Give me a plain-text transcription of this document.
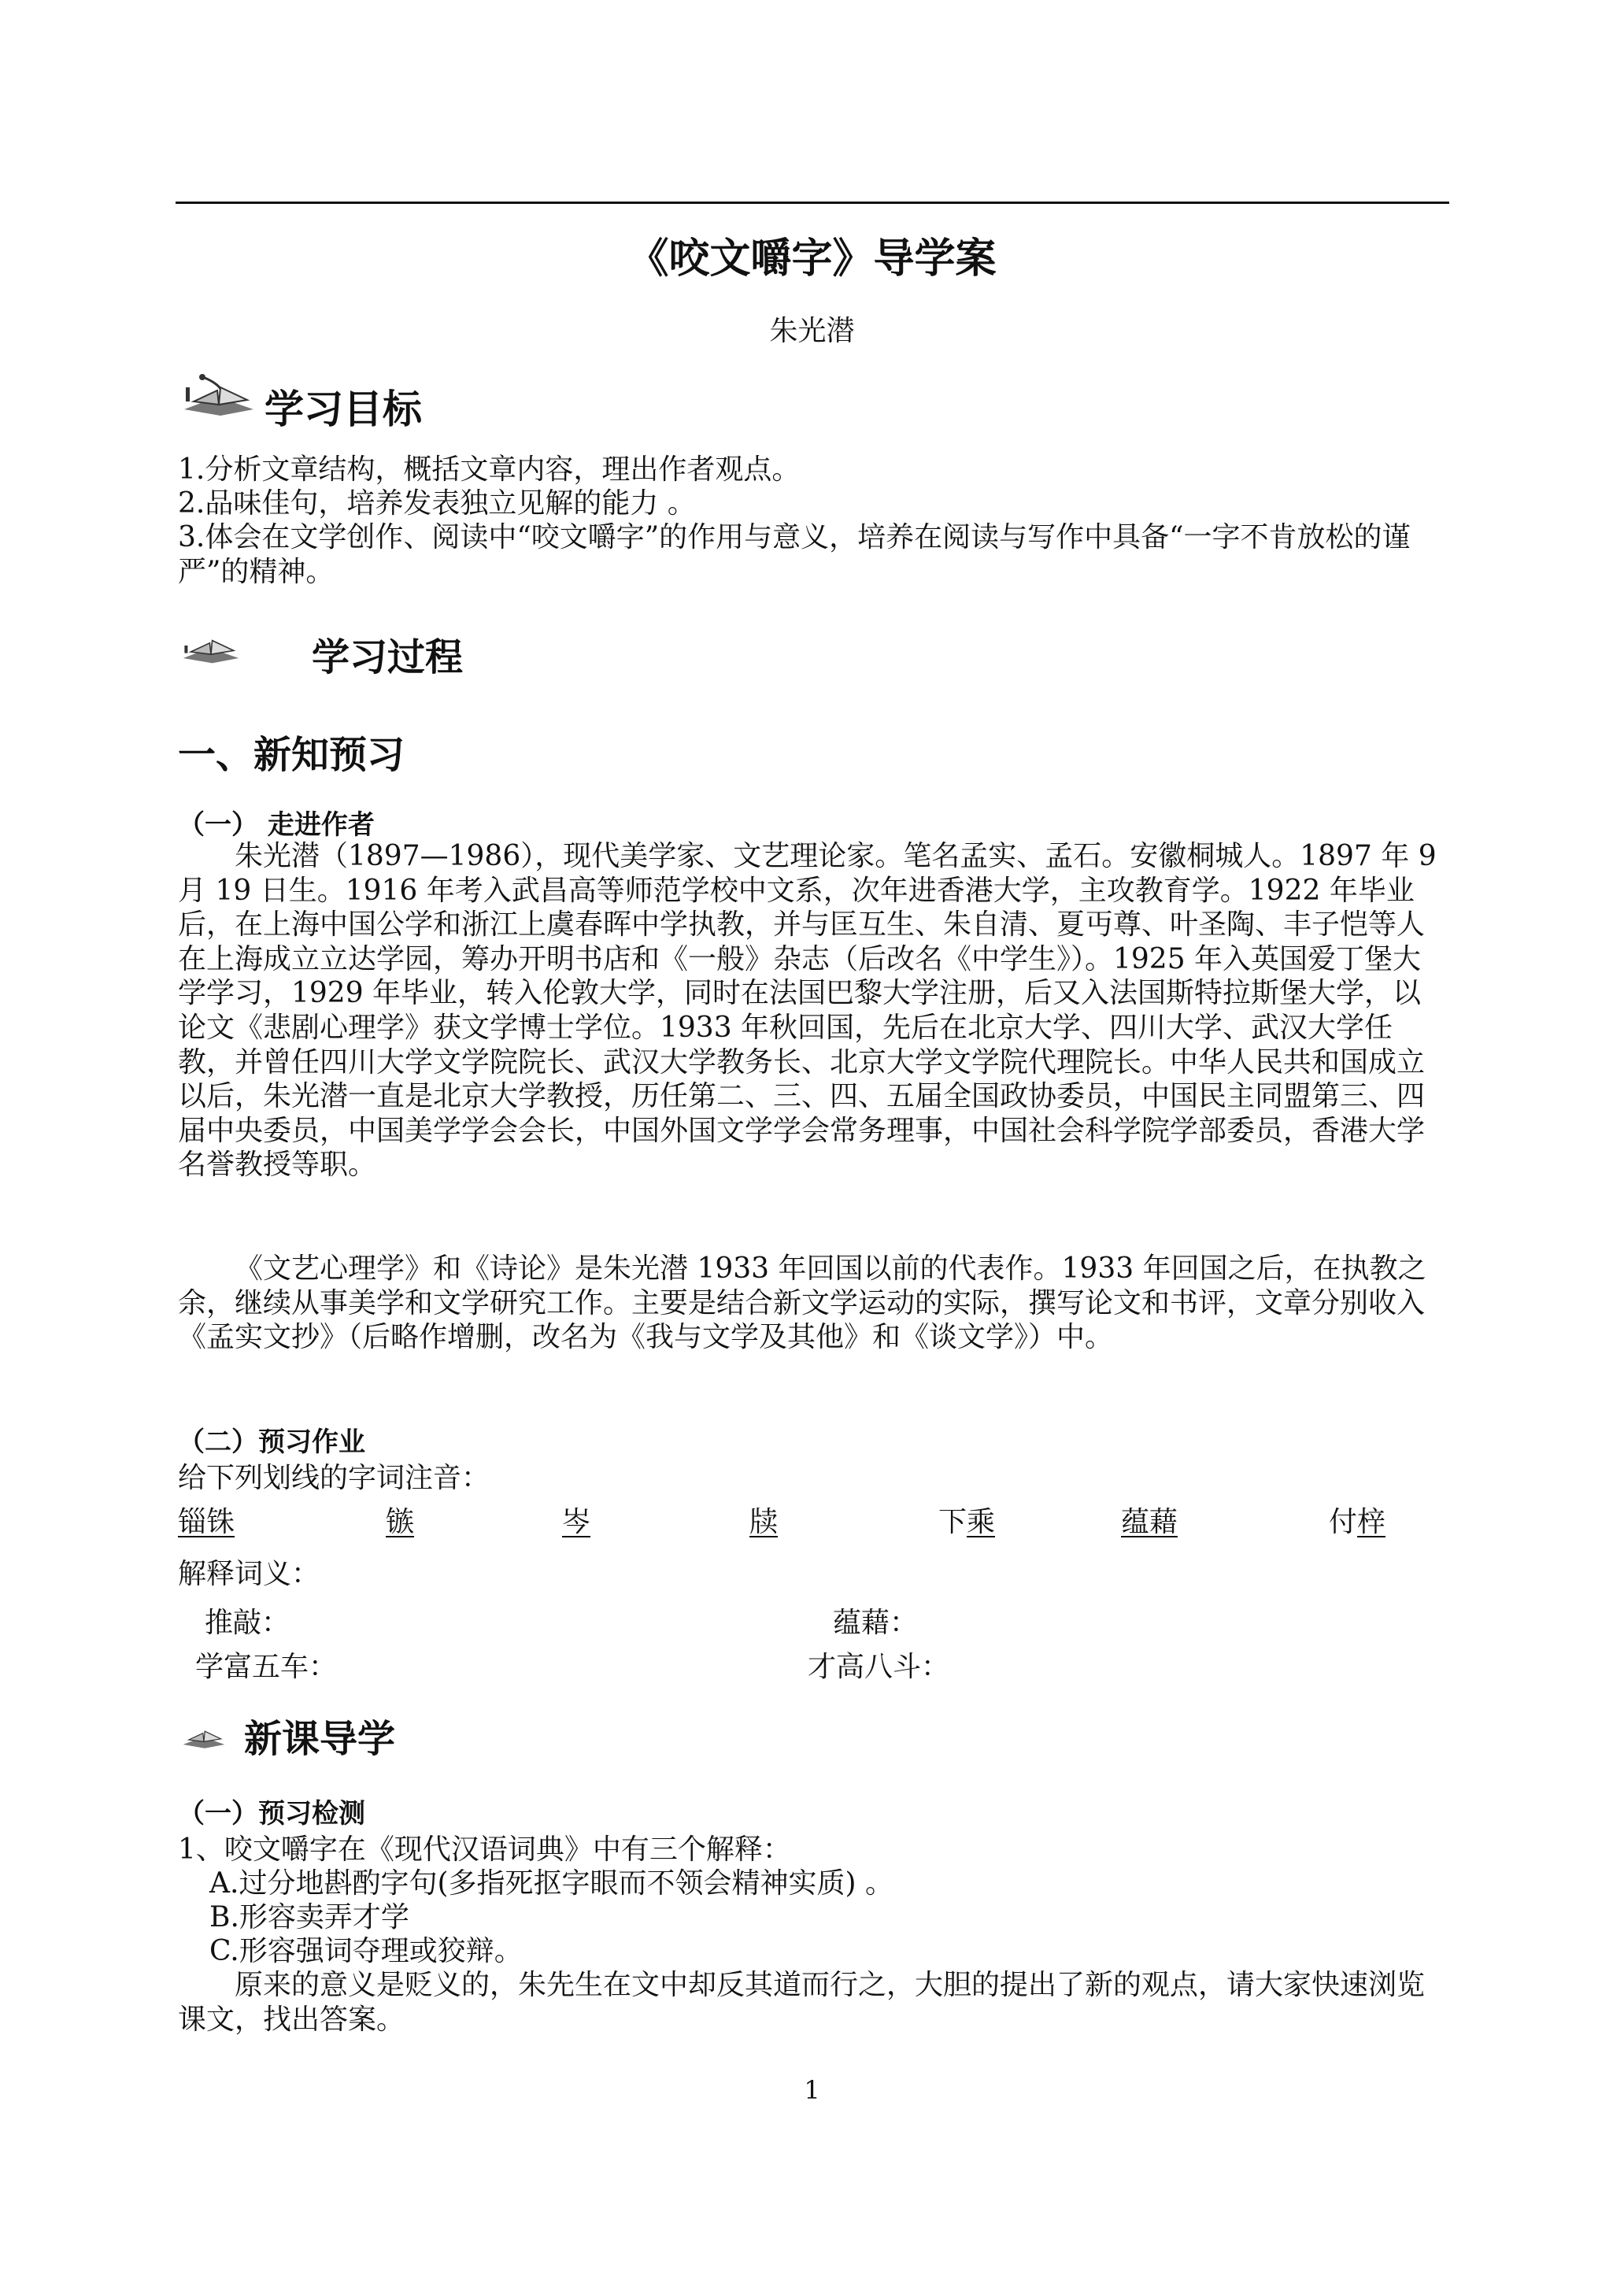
《咬文嚼字》导学案
朱光潜
学习目标
1.分析文章结构，概括文章内容，理出作者观点。
2.品味佳句，培养发表独立见解的能力 。
3.体会在文学创作、阅读中“咬文嚼字”的作用与意义，培养在阅读与写作中具备“一字不肯放松的谨严”的精神。
学习过程
一、新知预习
（一） 走进作者
朱光潜（1897—1986），现代美学家、文艺理论家。笔名孟实、孟石。安徽桐城人。1897 年 9 月 19 日生。1916 年考入武昌高等师范学校中文系，次年进香港大学，主攻教育学。1922 年毕业后，在上海中国公学和浙江上虞春晖中学执教，并与匡互生、朱自清、夏丏尊、叶圣陶、丰子恺等人在上海成立立达学园，筹办开明书店和《一般》杂志（后改名《中学生》）。1925 年入英国爱丁堡大学学习，1929 年毕业，转入伦敦大学，同时在法国巴黎大学注册，后又入法国斯特拉斯堡大学，以论文《悲剧心理学》获文学博士学位。1933 年秋回国，先后在北京大学、四川大学、武汉大学任教，并曾任四川大学文学院院长、武汉大学教务长、北京大学文学院代理院长。中华人民共和国成立以后，朱光潜一直是北京大学教授，历任第二、三、四、五届全国政协委员，中国民主同盟第三、四届中央委员，中国美学学会会长，中国外国文学学会常务理事，中国社会科学院学部委员，香港大学名誉教授等职。
《文艺心理学》和《诗论》是朱光潜 1933 年回国以前的代表作。1933 年回国之后，在执教之余，继续从事美学和文学研究工作。主要是结合新文学运动的实际，撰写论文和书评，文章分别收入《孟实文抄》（后略作增删，改名为《我与文学及其他》和《谈文学》）中。
（二）预习作业
给下列划线的字词注音：
锱铢	镞	岑	牍	下乘	蕴藉	付梓
解释词义：
推敲：	蕴藉：
学富五车：	才高八斗：
新课导学
（一）预习检测
1、咬文嚼字在《现代汉语词典》中有三个解释：
A.过分地斟酌字句(多指死抠字眼而不领会精神实质) 。
B.形容卖弄才学
C.形容强词夺理或狡辩。
原来的意义是贬义的，朱先生在文中却反其道而行之，大胆的提出了新的观点，请大家快速浏览课文，找出答案。
1
